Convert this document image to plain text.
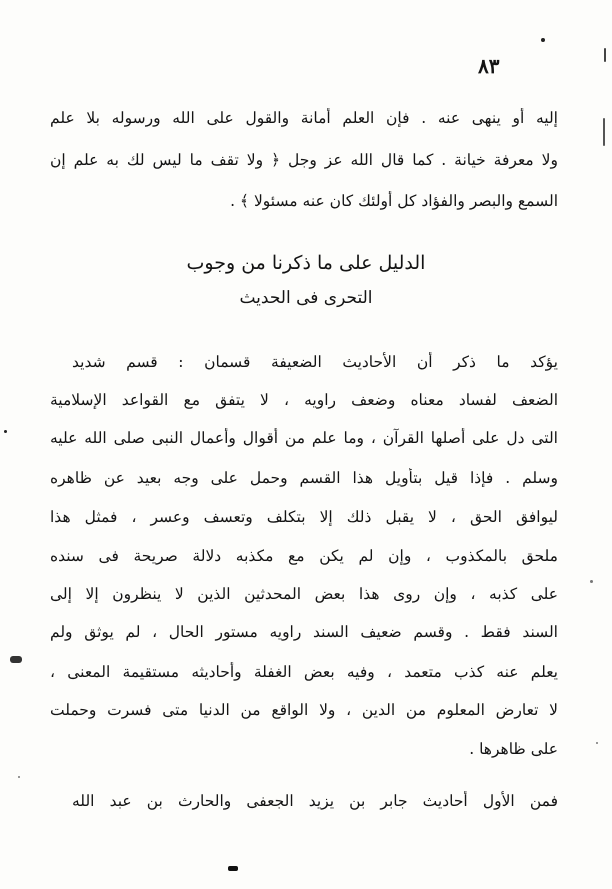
٨٣
إليه أو ينهى عنه . فإن العلم أمانة والقول على الله ورسوله بلا علم
ولا معرفة خيانة . كما قال الله عز وجل ﴿ ولا تقف ما ليس لك به علم إن
السمع والبصر والفؤاد كل أولئك كان عنه مسئولا ﴾ .
الدليل على ما ذكرنا من وجوب
التحرى فى الحديث
يؤكد ما ذكر أن الأحاديث الضعيفة قسمان : قسم شديد
الضعف لفساد معناه وضعف راويه ، لا يتفق مع القواعد الإسلامية
التى دل على أصلها القرآن ، وما علم من أقوال وأعمال النبى صلى الله عليه
وسلم . فإذا قيل بتأويل هذا القسم وحمل على وجه بعيد عن ظاهره
ليوافق الحق ، لا يقبل ذلك إلا بتكلف وتعسف وعسر ، فمثل هذا
ملحق بالمكذوب ، وإن لم يكن مع مكذبه دلالة صريحة فى سنده
على كذبه ، وإن روى هذا بعض المحدثين الذين لا ينظرون إلا إلى
السند فقط . وقسم ضعيف السند راويه مستور الحال ، لم يوثق ولم
يعلم عنه كذب متعمد ، وفيه بعض الغفلة وأحاديثه مستقيمة المعنى ،
لا تعارض المعلوم من الدين ، ولا الواقع من الدنيا متى فسرت وحملت
على ظاهرها .
فمن الأول أحاديث جابر بن يزيد الجعفى والحارث بن عبد الله
